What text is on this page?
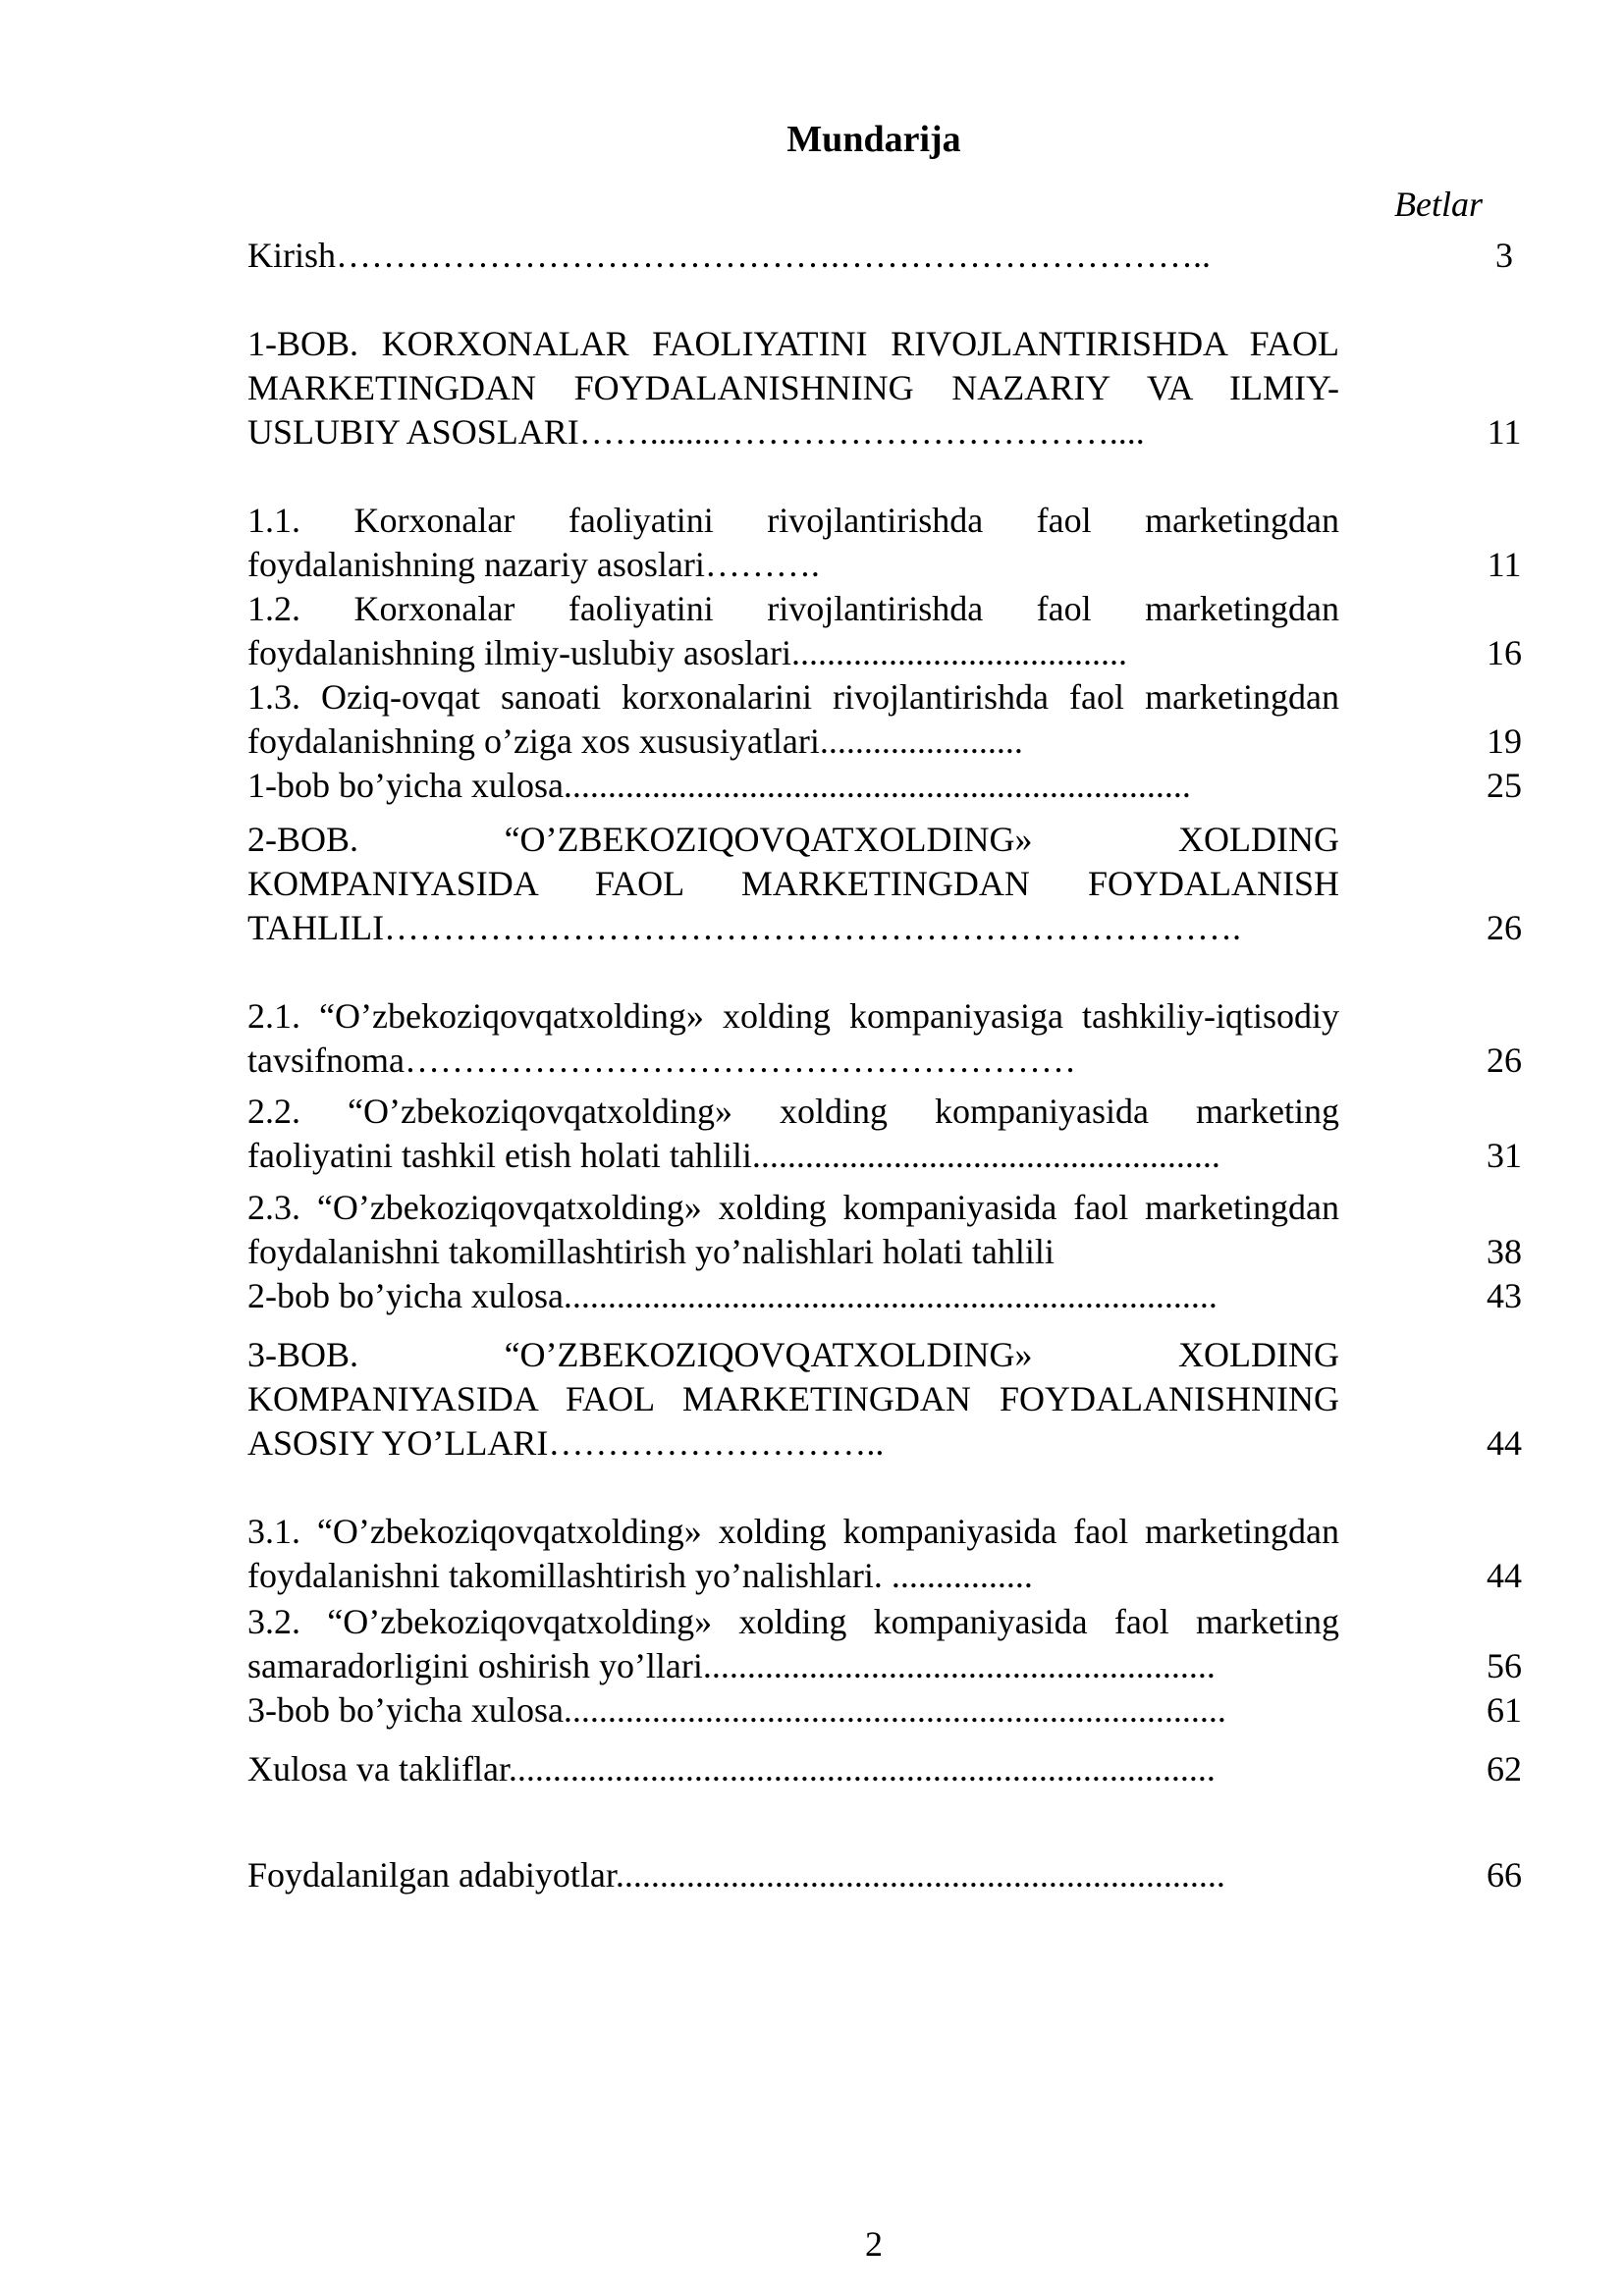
Mundarija
Betlar
Kirish…………………………………….…………………………..	3
1-BOB. KORXONALAR FAOLIYATINI RIVOJLANTIRISHDA FAOL MARKETINGDAN FOYDALANISHNING NAZARIY VA ILMIY-USLUBIY ASOSLARI……........……………………………....	11
1.1. Korxonalar faoliyatini rivojlantirishda faol marketingdan foydalanishning nazariy asoslari……….	11
1.2. Korxonalar faoliyatini rivojlantirishda faol marketingdan foydalanishning ilmiy-uslubiy asoslari......................................	16
1.3. Oziq-ovqat sanoati korxonalarini rivojlantirishda faol marketingdan foydalanishning o’ziga xos xususiyatlari.......................	19
1-bob bo’yicha xulosa.......................................................................	25
2-BOB. “O’ZBEKOZIQOVQATXOLDING» XOLDING KOMPANIYASIDA FAOL MARKETINGDAN FOYDALANISH TAHLILI……………………………………………………………….	26
2.1. “O’zbekoziqovqatxolding» xolding kompaniyasiga tashkiliy-iqtisodiy tavsifnoma…………………………………………………	26
2.2. “O’zbekoziqovqatxolding» xolding kompaniyasida marketing faoliyatini tashkil etish holati tahlili.....................................................	31
2.3. “O’zbekoziqovqatxolding» xolding kompaniyasida faol marketingdan foydalanishni takomillashtirish yo’nalishlari holati tahlili	38
2-bob bo’yicha xulosa..........................................................................	43
3-BOB. “O’ZBEKOZIQOVQATXOLDING» XOLDING KOMPANIYASIDA FAOL MARKETINGDAN FOYDALANISHNING ASOSIY YO’LLARI………………………..	44
3.1. “O’zbekoziqovqatxolding» xolding kompaniyasida faol marketingdan foydalanishni takomillashtirish yo’nalishlari. ................	44
3.2. “O’zbekoziqovqatxolding» xolding kompaniyasida faol marketing samaradorligini oshirish yo’llari..........................................................	56
3-bob bo’yicha xulosa...........................................................................	61
Xulosa va takliflar................................................................................	62
Foydalanilgan adabiyotlar.....................................................................	66
2
